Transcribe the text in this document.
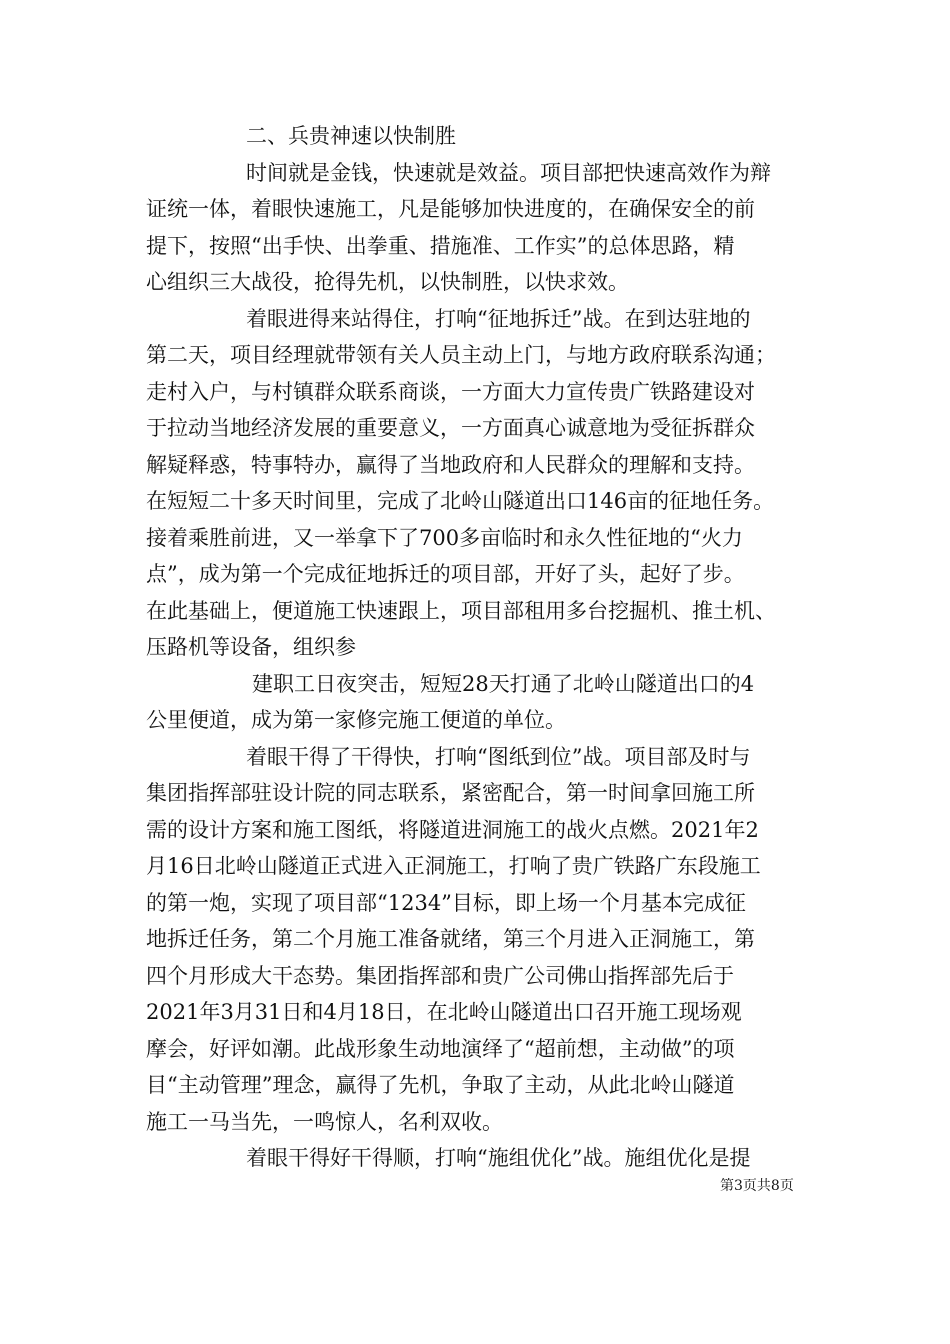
二、兵贵神速以快制胜
时间就是金钱，快速就是效益。项目部把快速高效作为辩
证统一体，着眼快速施工，凡是能够加快进度的，在确保安全的前
提下，按照“出手快、出拳重、措施准、工作实”的总体思路，精
心组织三大战役，抢得先机，以快制胜，以快求效。
着眼进得来站得住，打响“征地拆迁”战。在到达驻地的
第二天，项目经理就带领有关人员主动上门，与地方政府联系沟通；
走村入户，与村镇群众联系商谈，一方面大力宣传贵广铁路建设对
于拉动当地经济发展的重要意义，一方面真心诚意地为受征拆群众
解疑释惑，特事特办，赢得了当地政府和人民群众的理解和支持。
在短短二十多天时间里，完成了北岭山隧道出口146亩的征地任务。
接着乘胜前进，又一举拿下了700多亩临时和永久性征地的“火力
点”，成为第一个完成征地拆迁的项目部，开好了头，起好了步。
在此基础上，便道施工快速跟上，项目部租用多台挖掘机、推土机、
压路机等设备，组织参
建职工日夜突击，短短28天打通了北岭山隧道出口的4
公里便道，成为第一家修完施工便道的单位。
着眼干得了干得快，打响“图纸到位”战。项目部及时与
集团指挥部驻设计院的同志联系，紧密配合，第一时间拿回施工所
需的设计方案和施工图纸，将隧道进洞施工的战火点燃。2021年2
月16日北岭山隧道正式进入正洞施工，打响了贵广铁路广东段施工
的第一炮，实现了项目部“1234”目标，即上场一个月基本完成征
地拆迁任务，第二个月施工准备就绪，第三个月进入正洞施工，第
四个月形成大干态势。集团指挥部和贵广公司佛山指挥部先后于
2021年3月31日和4月18日，在北岭山隧道出口召开施工现场观
摩会，好评如潮。此战形象生动地演绎了“超前想，主动做”的项
目“主动管理”理念，赢得了先机，争取了主动，从此北岭山隧道
施工一马当先，一鸣惊人，名利双收。
着眼干得好干得顺，打响“施组优化”战。施组优化是提
第3页共8页
